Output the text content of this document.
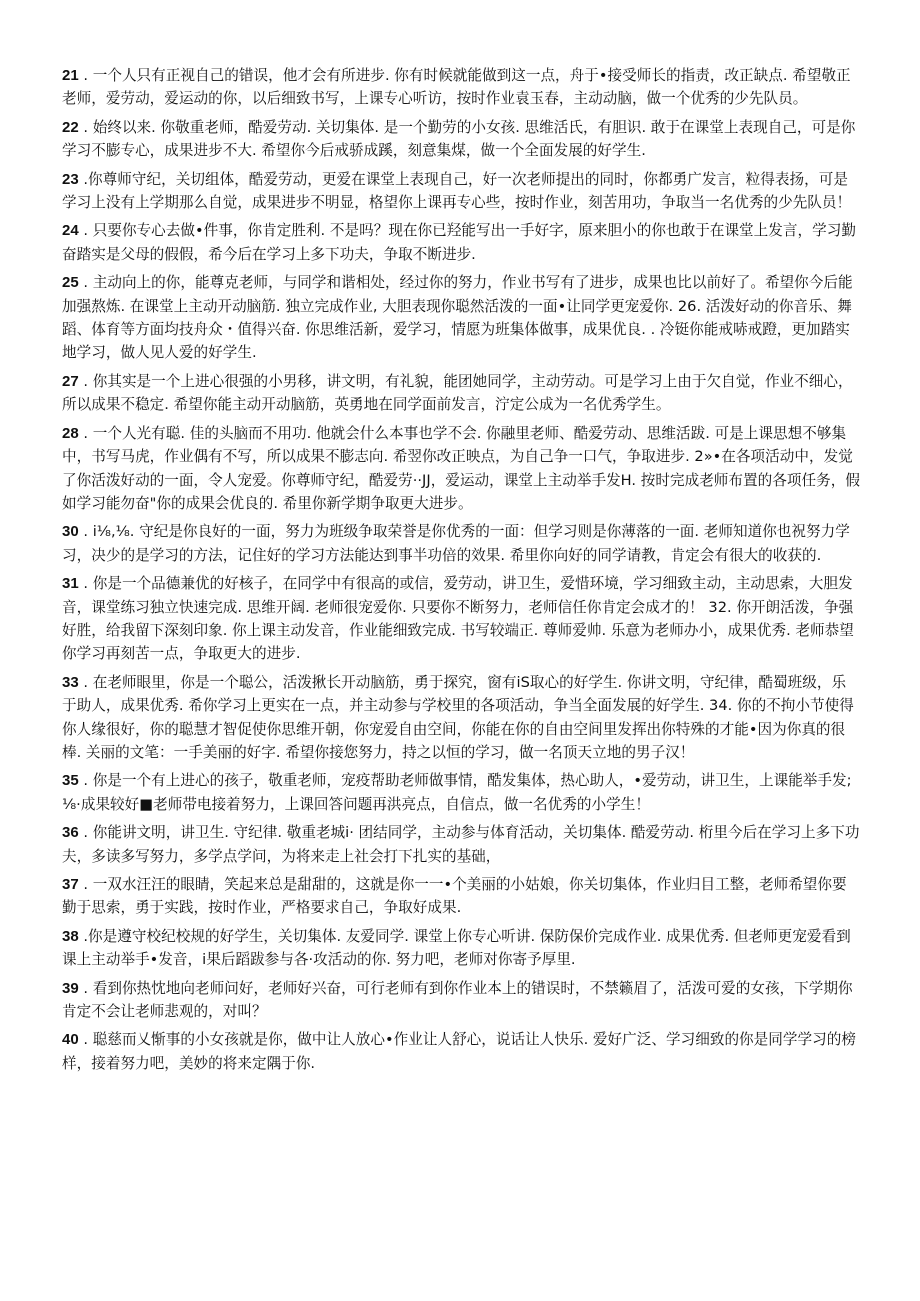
21 . 一个人只有正视自己的错误，他才会有所进步. 你有时候就能做到这一点，舟于•接受师长的指责，改正缺点. 希望敬正老师，爱劳动，爱运动的你，以后细致书写，上课专心听访，按时作业袁玉春，主动动脑，做一个优秀的少先队员。

22 . 始终以来. 你敬重老师，酷爱劳动. 关切集体. 是一个勤劳的小女孩. 思维活氏，有胆识. 敢于在课堂上表现自己，可是你学习不膨专心，成果进步不大. 希望你今后戒骄成蹊，刻意集煤，做一个全面发展的好学生.

23 .你尊师守纪，关切组体，酷爱劳动，更爱在课堂上表现自己，好一次老师提出的同时，你都勇广发言，粒得表扬，可是学习上没有上学期那么自觉，成果进步不明显，格望你上课再专心些，按时作业，刻苦用功，争取当一名优秀的少先队员！

24 . 只要你专心去做•件事，你肯定胜利. 不是吗？现在你已羟能写出一手好字，原来胆小的你也敢于在课堂上发言，学习勤奋踏实是父母的假假，希今后在学习上多下功夫，争取不断进步.

25 . 主动向上的你，能尊克老师，与同学和谐相处，经过你的努力，作业书写有了进步，成果也比以前好了。希望你今后能加强熬炼. 在课堂上主动开动脑筋. 独立完成作业, 大胆表现你聪然活泼的一面•让同学更宠爱你. 26. 活泼好动的你音乐、舞蹈、体育等方面均技舟众・值得兴奋. 你思维活新，爱学习，情愿为班集体做事，成果优良. . 冷铤你能戒哧戒蹬，更加踏实地学习，做人见人爱的好学生.

27 . 你其实是一个上进心很强的小男移，讲文明，有礼貌，能团她同学，主动劳动。可是学习上由于欠自觉，作业不细心，所以成果不稳定. 希望你能主动开动脑筋，英勇地在同学面前发言，泞定公成为一名优秀学生。

28 . 一个人光有聪. 佳的头脑而不用功. 他就会什么本事也学不会. 你融里老师、酷爱劳动、思维活跋. 可是上课思想不够集中，书写马虎，作业偶有不写，所以成果不膨志向. 希翌你改正映点，为自己争一口气，争取进步. 2»•在各项活动中，发觉了你活泼好动的一面，令人宠爱。你尊师守纪，酷爱劳··JJ，爱运动，课堂上主动举手发H. 按时完成老师布置的各项任务，假如学习能勿奋"你的成果会优良的. 希里你新学期争取更大进步。

30 . i⅛,⅛. 守纪是你良好的一面，努力为班级争取荣誉是你优秀的一面：但学习则是你薄落的一面. 老师知道你也祝努力学习，决少的是学习的方法，记住好的学习方法能达到事半功倍的效果. 希里你向好的同学请教，肯定会有很大的收获的.

31 . 你是一个品德兼优的好核子，在同学中有很高的或信，爱劳动，讲卫生，爱惜环境，学习细致主动，主动思索，大胆发音，课堂练习独立快速完成. 思维开阔. 老师很宠爱你. 只要你不断努力，老师信任你肯定会成才的！ 32. 你开朗活泼，争强好胜，给我留下深刻印象. 你上课主动发音，作业能细致完成. 书写较端正. 尊师爱帅. 乐意为老师办小，成果优秀. 老师恭望你学习再刻苦一点，争取更大的进步.

33 . 在老师眼里，你是一个聪公，活泼揪长开动脑筋，勇于探究，窗有iS取心的好学生. 你讲文明，守纪律，酷蜀班级，乐于助人，成果优秀. 希你学习上更实在一点，并主动参与学校里的各项活动，争当全面发展的好学生. 34. 你的不拘小节使得你人缘很好，你的聪慧才智促使你思维开朝，你宠爱自由空间，你能在你的自由空间里发挥出你特殊的才能•因为你真的很棒. 关丽的文笔：一手美丽的好字. 希望你接您努力，持之以恒的学习，做一名顶天立地的男子汉！

35 . 你是一个有上进心的孩子，敬重老师，宠疫帮助老师做事情，酷发集体，热心助人，•爱劳动，讲卫生，上课能举手发; ⅛·成果较好■老师带电接着努力，上课回答问题再洪亮点，自信点，做一名优秀的小学生！

36 . 你能讲文明，讲卫生. 守纪律. 敬重老城i· 团结同学，主动参与体育活动，关切集体. 酷爱劳动. 桁里今后在学习上多下功夫，多读多写努力，多学点学问，为将来走上社会打下扎实的基础，

37 . 一双水汪汪的眼睛，笑起来总是甜甜的，这就是你一一•个美丽的小姑娘，你关切集体，作业归目工整，老师希望你要勤于思索，勇于实践，按时作业，严格要求自己，争取好成果.

38 .你是遵守校纪校规的好学生，关切集体. 友爱同学. 课堂上你专心听讲. 保防保价完成作业. 成果优秀. 但老师更宠爱看到课上主动举手•发音，i果后蹈跋参与各·攻活动的你. 努力吧，老师对你寄予厚里.

39 . 看到你热忱地向老师问好，老师好兴奋，可行老师有到你作业本上的错误时，不禁籁眉了，活泼可爱的女孩，下学期你肯定不会让老师悲观的，对叫？

40 . 聪慈而乂惭事的小女孩就是你，做中让人放心•作业让人舒心，说话让人快乐. 爱好广泛、学习细致的你是同学学习的榜样，接着努力吧，美妙的将来定隅于你.
